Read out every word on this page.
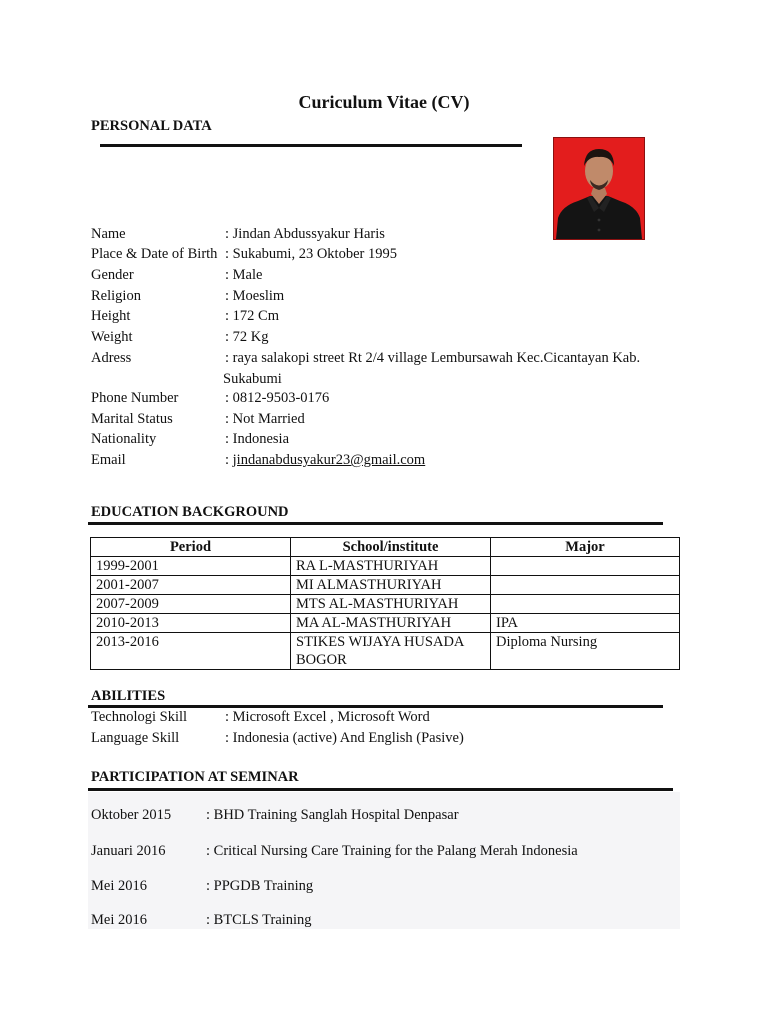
Curiculum Vitae (CV)
PERSONAL DATA
Name	: Jindan Abdussyakur Haris
Place & Date of Birth : Sukabumi, 23 Oktober 1995
Gender	: Male
Religion	: Moeslim
Height	: 172 Cm
Weight	: 72 Kg
Adress	: raya salakopi street Rt 2/4 village Lembursawah Kec.Cicantayan Kab.
Sukabumi
Phone Number	: 0812-9503-0176
Marital Status	: Not Married
Nationality	: Indonesia
Email	: jindanabdusyakur23@gmail.com
EDUCATION BACKGROUND
Period	School/institute	Major
1999-2001	RA L-MASTHURIYAH	
2001-2007	MI ALMASTHURIYAH	
2007-2009	MTS AL-MASTHURIYAH	
2010-2013	MA AL-MASTHURIYAH	IPA
2013-2016	STIKES WIJAYA HUSADA BOGOR	Diploma Nursing
ABILITIES
Technologi Skill	: Microsoft Excel , Microsoft Word
Language Skill	: Indonesia (active) And English (Pasive)
PARTICIPATION AT SEMINAR
Oktober 2015 : BHD Training Sanglah Hospital Denpasar
Januari 2016	: Critical Nursing Care Training for the Palang Merah Indonesia
Mei 2016	: PPGDB Training
Mei 2016	: BTCLS Training
